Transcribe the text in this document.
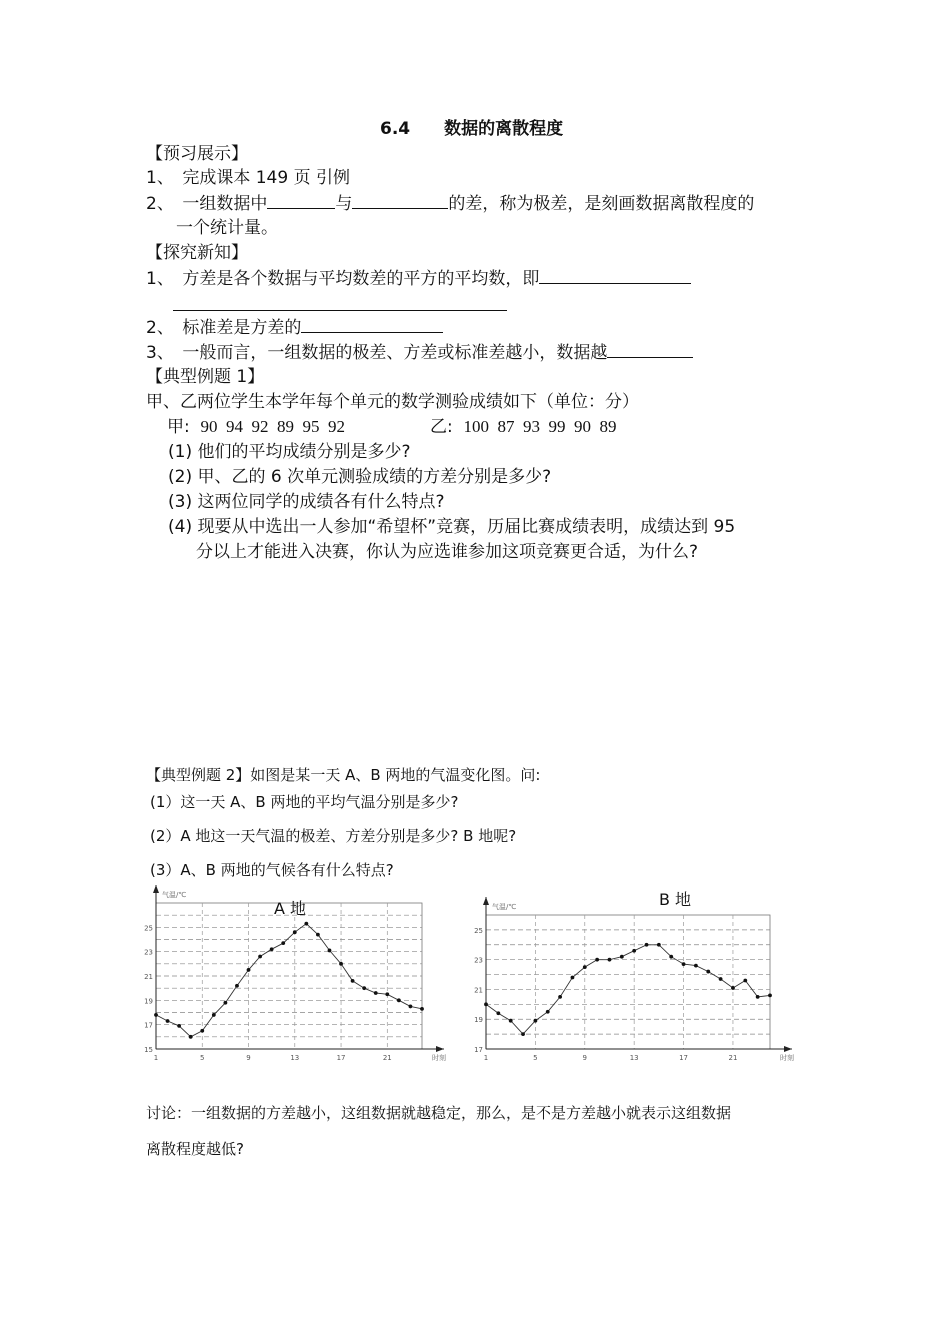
6.4　　数据的离散程度
【预习展示】
1、　完成课本 149 页 引例
2、　一组数据中	与	的差，称为极差，是刻画数据离散程度的
一个统计量。
【探究新知】
1、　方差是各个数据与平均数差的平方的平均数，即
2、　标准差是方差的
3、　一般而言，一组数据的极差、方差或标准差越小，数据越
【典型例题 1】
甲、乙两位学生本学年每个单元的数学测验成绩如下（单位：分）
甲: 90  94  92  89  95  92	乙: 100  87  93  99  90  89
(1) 他们的平均成绩分别是多少?
(2) 甲、乙的 6 次单元测验成绩的方差分别是多少?
(3) 这两位同学的成绩各有什么特点?
(4) 现要从中选出一人参加“希望杯”竞赛，历届比赛成绩表明，成绩达到 95
分以上才能进入决赛，你认为应选谁参加这项竞赛更合适，为什么?
【典型例题 2】如图是某一天 A、B 两地的气温变化图。问:
(1）这一天 A、B 两地的平均气温分别是多少?
(2）A 地这一天气温的极差、方差分别是多少? B 地呢?
(3）A、B 两地的气候各有什么特点?
15
17
19
21
23
25
1	5	9	13	17	21
气温/℃
时刻
A 地
17
19
21
23
25
1	5	9	13	17	21
气温/℃
时刻
B 地
讨论：一组数据的方差越小，这组数据就越稳定，那么，是不是方差越小就表示这组数据
离散程度越低?
